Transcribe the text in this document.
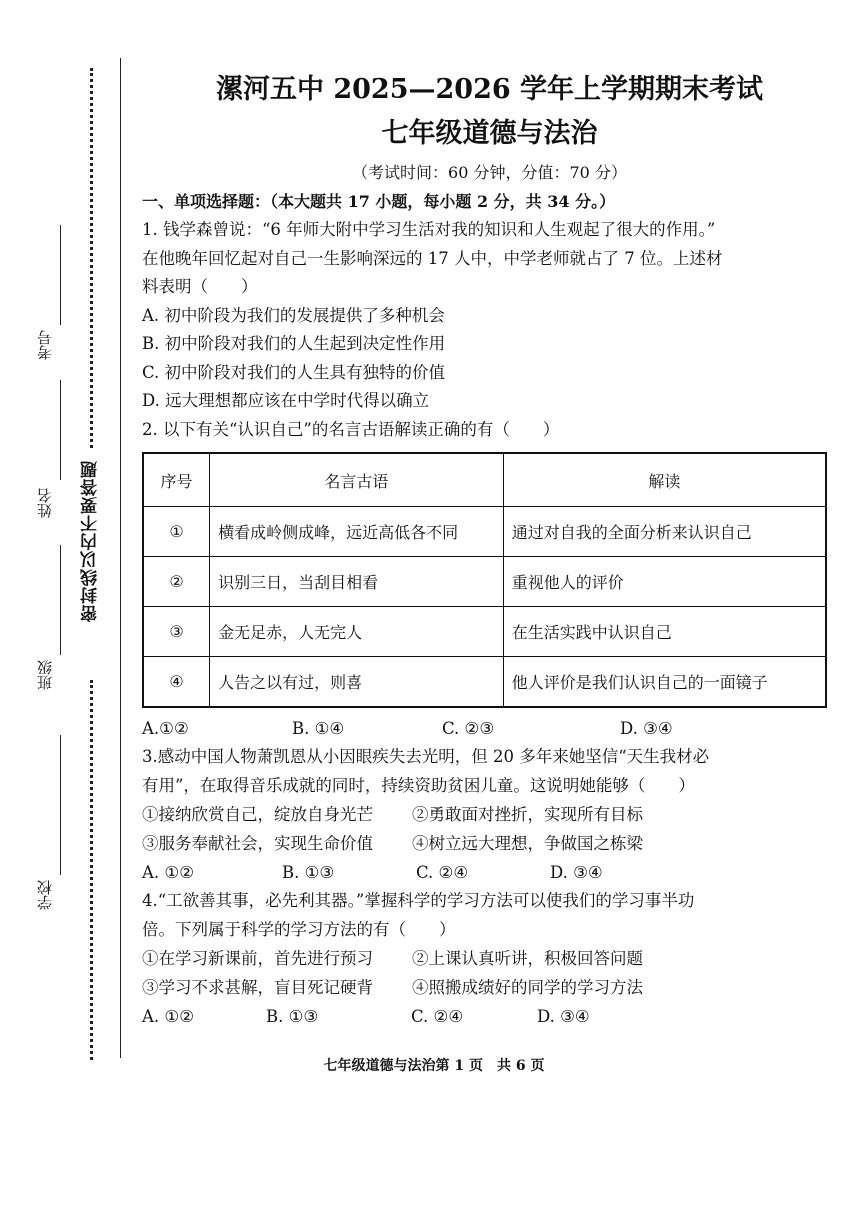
密封线以内不要答题
考号
姓名
班级
学校
漯河五中 2025—2026 学年上学期期末考试
七年级道德与法治
（考试时间：60 分钟，分值：70 分）
一、单项选择题：（本大题共 17 小题，每小题 2 分，共 34 分。）

1. 钱学森曾说：“6 年师大附中学习生活对我的知识和人生观起了很大的作用。”

在他晚年回忆起对自己一生影响深远的 17 人中，中学老师就占了 7 位。上述材

料表明（　　）

A. 初中阶段为我们的发展提供了多种机会

B. 初中阶段对我们的人生起到决定性作用

C. 初中阶段对我们的人生具有独特的价值

D. 远大理想都应该在中学时代得以确立

2. 以下有关“认识自己”的名言古语解读正确的有（　　）

序号	名言古语	解读
①	横看成岭侧成峰，远近高低各不同	通过对自我的全面分析来认识自己
②	识别三日，当刮目相看	重视他人的评价
③	金无足赤，人无完人	在生活实践中认识自己
④	人告之以有过，则喜	他人评价是我们认识自己的一面镜子
A.①②	B. ①④	C. ②③	D. ③④

3.感动中国人物萧凯恩从小因眼疾失去光明，但 20 多年来她坚信“天生我材必

有用”，在取得音乐成就的同时，持续资助贫困儿童。这说明她能够（　　）

①接纳欣赏自己，绽放自身光芒	②勇敢面对挫折，实现所有目标
③服务奉献社会，实现生命价值	④树立远大理想，争做国之栋梁
A. ①②	B. ①③	C. ②④	D. ③④

4.“工欲善其事，必先利其器。”掌握科学的学习方法可以使我们的学习事半功

倍。下列属于科学的学习方法的有（　　）

①在学习新课前，首先进行预习	②上课认真听讲，积极回答问题
③学习不求甚解，盲目死记硬背	④照搬成绩好的同学的学习方法
A. ①②	B. ①③	C. ②④	D. ③④
七年级道德与法治第 1 页　共 6 页
